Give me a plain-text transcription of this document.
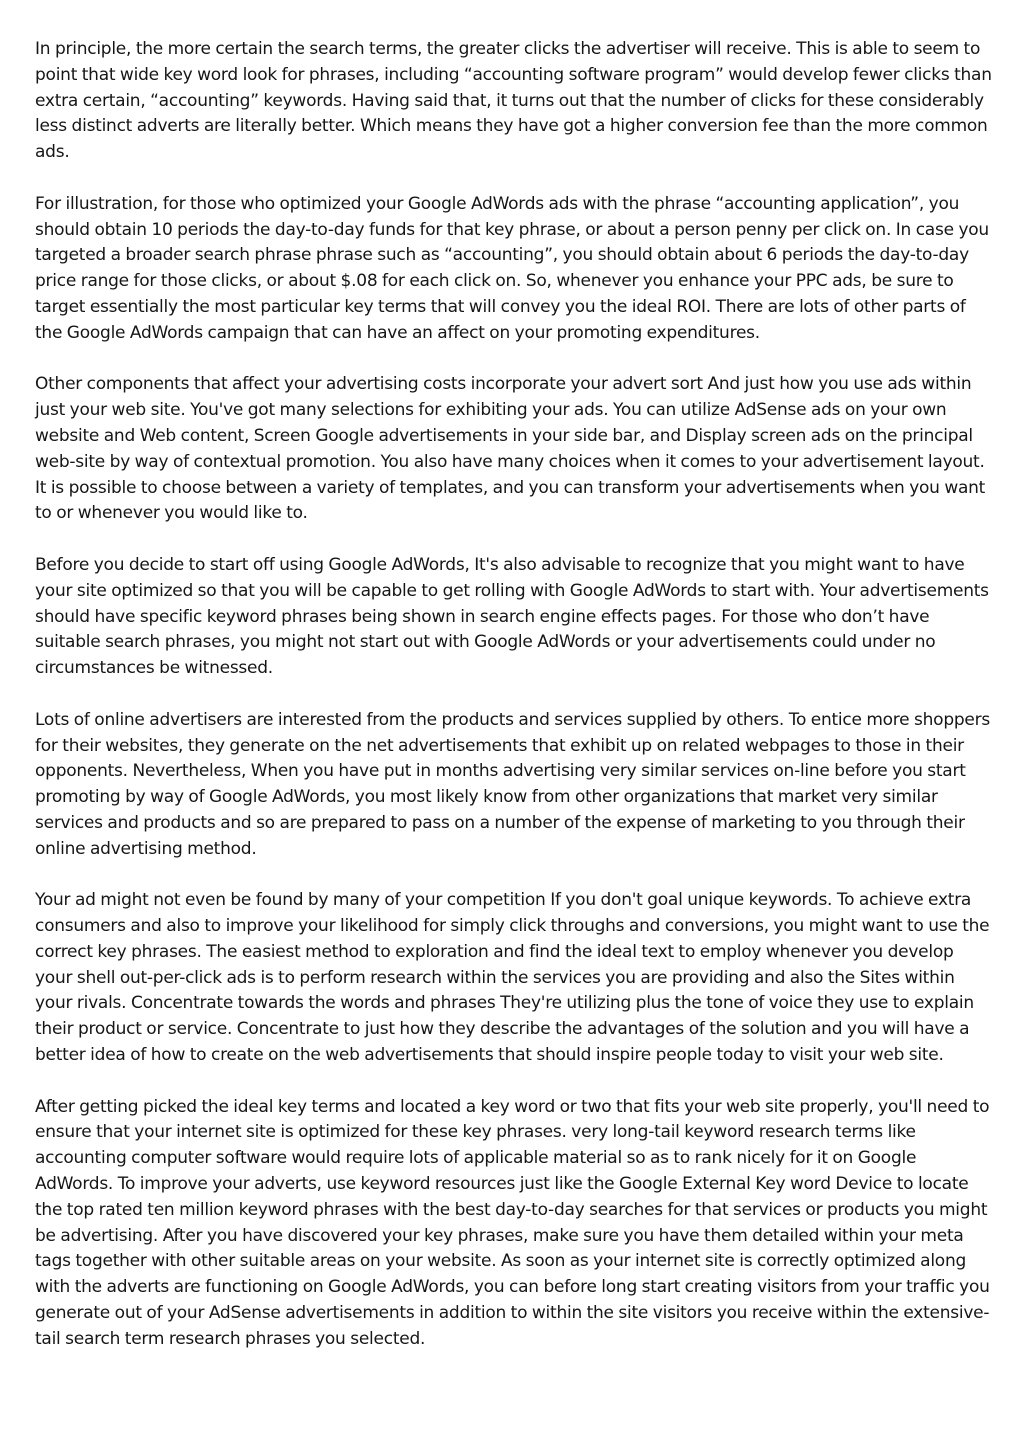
In principle, the more certain the search terms, the greater clicks the advertiser will receive. This is able to seem to point that wide key word look for phrases, including “accounting software program” would develop fewer clicks than extra certain, “accounting” keywords. Having said that, it turns out that the number of clicks for these considerably less distinct adverts are literally better. Which means they have got a higher conversion fee than the more common ads.

For illustration, for those who optimized your Google AdWords ads with the phrase “accounting application”, you should obtain 10 periods the day-to-day funds for that key phrase, or about a person penny per click on. In case you targeted a broader search phrase phrase such as “accounting”, you should obtain about 6 periods the day-to-day price range for those clicks, or about $.08 for each click on. So, whenever you enhance your PPC ads, be sure to target essentially the most particular key terms that will convey you the ideal ROI. There are lots of other parts of the Google AdWords campaign that can have an affect on your promoting expenditures.

Other components that affect your advertising costs incorporate your advert sort And just how you use ads within just your web site. You've got many selections for exhibiting your ads. You can utilize AdSense ads on your own website and Web content, Screen Google advertisements in your side bar, and Display screen ads on the principal web-site by way of contextual promotion. You also have many choices when it comes to your advertisement layout. It is possible to choose between a variety of templates, and you can transform your advertisements when you want to or whenever you would like to.

Before you decide to start off using Google AdWords, It's also advisable to recognize that you might want to have your site optimized so that you will be capable to get rolling with Google AdWords to start with. Your advertisements should have specific keyword phrases being shown in search engine effects pages. For those who don’t have suitable search phrases, you might not start out with Google AdWords or your advertisements could under no circumstances be witnessed.

Lots of online advertisers are interested from the products and services supplied by others. To entice more shoppers for their websites, they generate on the net advertisements that exhibit up on related webpages to those in their opponents. Nevertheless, When you have put in months advertising very similar services on-line before you start promoting by way of Google AdWords, you most likely know from other organizations that market very similar services and products and so are prepared to pass on a number of the expense of marketing to you through their online advertising method.

Your ad might not even be found by many of your competition If you don't goal unique keywords. To achieve extra consumers and also to improve your likelihood for simply click throughs and conversions, you might want to use the correct key phrases. The easiest method to exploration and find the ideal text to employ whenever you develop your shell out-per-click ads is to perform research within the services you are providing and also the Sites within your rivals. Concentrate towards the words and phrases They're utilizing plus the tone of voice they use to explain their product or service. Concentrate to just how they describe the advantages of the solution and you will have a better idea of how to create on the web advertisements that should inspire people today to visit your web site.

After getting picked the ideal key terms and located a key word or two that fits your web site properly, you'll need to ensure that your internet site is optimized for these key phrases. very long-tail keyword research terms like accounting computer software would require lots of applicable material so as to rank nicely for it on Google AdWords. To improve your adverts, use keyword resources just like the Google External Key word Device to locate the top rated ten million keyword phrases with the best day-to-day searches for that services or products you might be advertising. After you have discovered your key phrases, make sure you have them detailed within your meta tags together with other suitable areas on your website. As soon as your internet site is correctly optimized along with the adverts are functioning on Google AdWords, you can before long start creating visitors from your traffic you generate out of your AdSense advertisements in addition to within the site visitors you receive within the extensive-tail search term research phrases you selected.
